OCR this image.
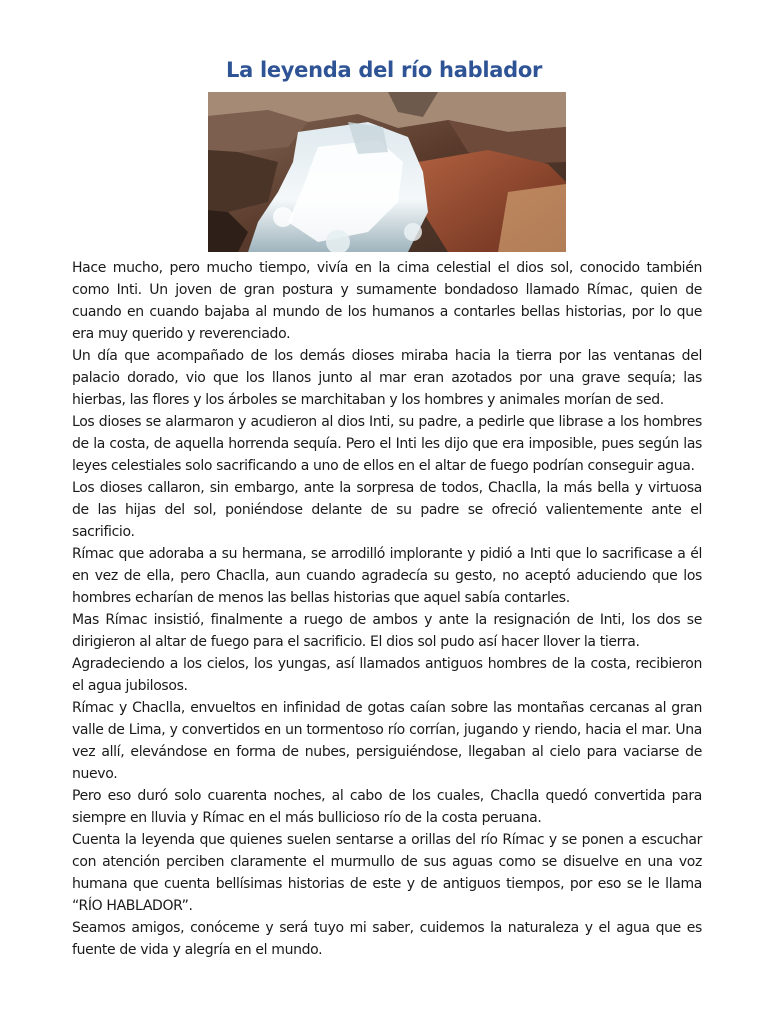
La leyenda del río hablador

Hace mucho, pero mucho tiempo, vivía en la cima celestial el dios sol, conocido también como Inti. Un joven de gran postura y sumamente bondadoso llamado Rímac, quien de cuando en cuando bajaba al mundo de los humanos a contarles bellas historias, por lo que era muy querido y reverenciado.

Un día que acompañado de los demás dioses miraba hacia la tierra por las ventanas del palacio dorado, vio que los llanos junto al mar eran azotados por una grave sequía; las hierbas, las flores y los árboles se marchitaban y los hombres y animales morían de sed.

Los dioses se alarmaron y acudieron al dios Inti, su padre, a pedirle que librase a los hombres de la costa, de aquella horrenda sequía. Pero el Inti les dijo que era imposible, pues según las leyes celestiales solo sacrificando a uno de ellos en el altar de fuego podrían conseguir agua.

Los dioses callaron, sin embargo, ante la sorpresa de todos, Chaclla, la más bella y virtuosa de las hijas del sol, poniéndose delante de su padre se ofreció valientemente ante el sacrificio.

Rímac que adoraba a su hermana, se arrodilló implorante y pidió a Inti que lo sacrificase a él en vez de ella, pero Chaclla, aun cuando agradecía su gesto, no aceptó aduciendo que los hombres echarían de menos las bellas historias que aquel sabía contarles.

Mas Rímac insistió, finalmente a ruego de ambos y ante la resignación de Inti, los dos se dirigieron al altar de fuego para el sacrificio. El dios sol pudo así hacer llover la tierra.

Agradeciendo a los cielos, los yungas, así llamados antiguos hombres de la costa, recibieron el agua jubilosos.

Rímac y Chaclla, envueltos en infinidad de gotas caían sobre las montañas cercanas al gran valle de Lima, y convertidos en un tormentoso río corrían, jugando y riendo, hacia el mar. Una vez allí, elevándose en forma de nubes, persiguiéndose, llegaban al cielo para vaciarse de nuevo.

Pero eso duró solo cuarenta noches, al cabo de los cuales, Chaclla quedó convertida para siempre en lluvia y Rímac en el más bullicioso río de la costa peruana.

Cuenta la leyenda que quienes suelen sentarse a orillas del río Rímac y se ponen a escuchar con atención perciben claramente el murmullo de sus aguas como se disuelve en una voz humana que cuenta bellísimas historias de este y de antiguos tiempos, por eso se le llama “RÍO HABLADOR”.

Seamos amigos, conóceme y será tuyo mi saber, cuidemos la naturaleza y el agua que es fuente de vida y alegría en el mundo.
